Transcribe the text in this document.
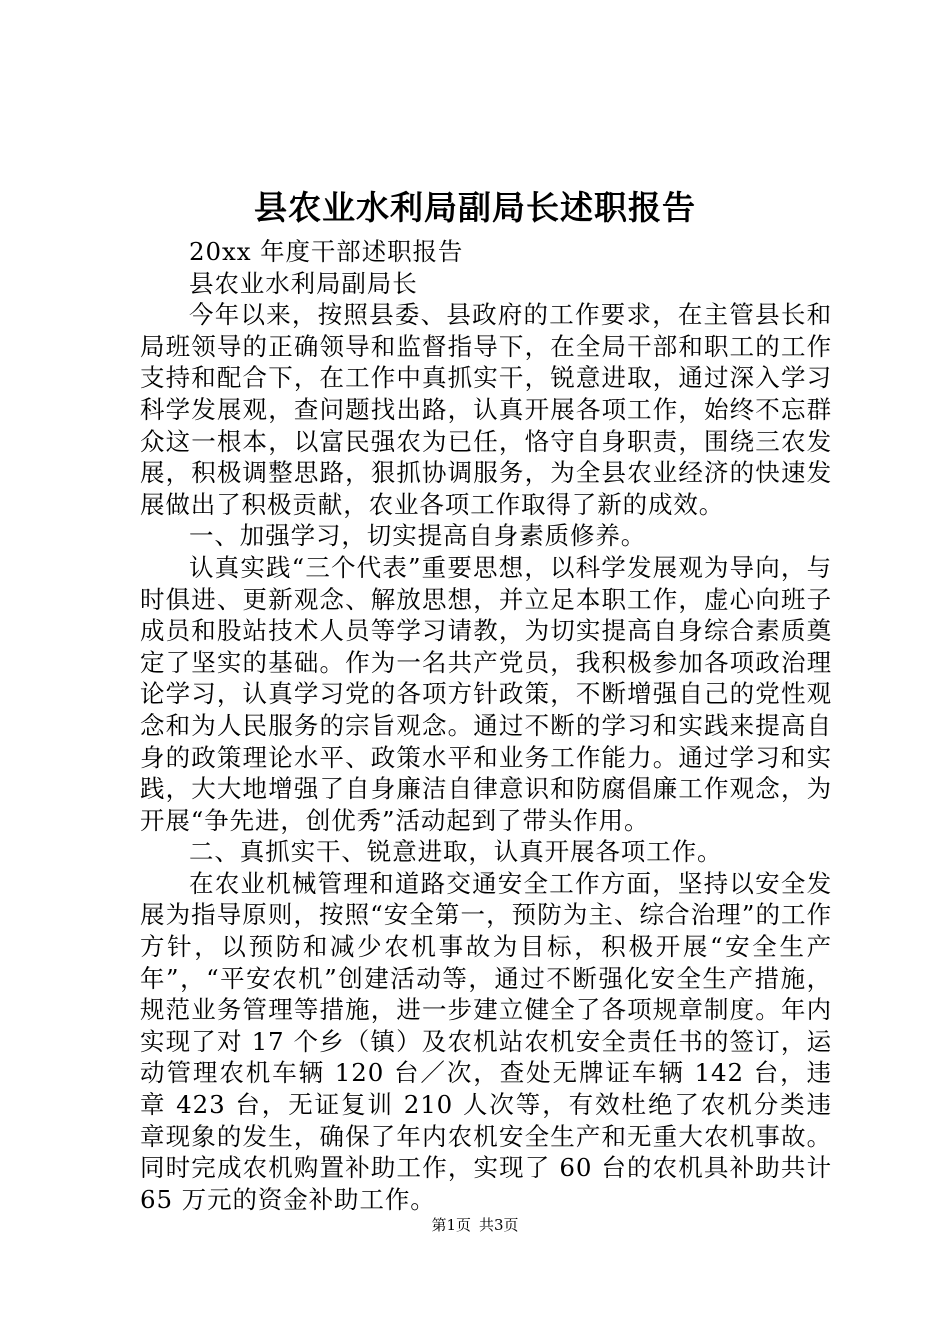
县农业水利局副局长述职报告

20xx 年度干部述职报告

县农业水利局副局长

今年以来，按照县委、县政府的工作要求，在主管县长和局班领导的正确领导和监督指导下，在全局干部和职工的工作支持和配合下，在工作中真抓实干，锐意进取，通过深入学习科学发展观，查问题找出路，认真开展各项工作，始终不忘群众这一根本，以富民强农为已任，恪守自身职责，围绕三农发展，积极调整思路，狠抓协调服务，为全县农业经济的快速发展做出了积极贡献，农业各项工作取得了新的成效。

一、加强学习，切实提高自身素质修养。

认真实践“三个代表”重要思想，以科学发展观为导向，与时俱进、更新观念、解放思想，并立足本职工作，虚心向班子成员和股站技术人员等学习请教，为切实提高自身综合素质奠定了坚实的基础。作为一名共产党员，我积极参加各项政治理论学习，认真学习党的各项方针政策，不断增强自己的党性观念和为人民服务的宗旨观念。通过不断的学习和实践来提高自身的政策理论水平、政策水平和业务工作能力。通过学习和实践，大大地增强了自身廉洁自律意识和防腐倡廉工作观念，为开展“争先进，创优秀”活动起到了带头作用。

二、真抓实干、锐意进取，认真开展各项工作。

在农业机械管理和道路交通安全工作方面，坚持以安全发展为指导原则，按照“安全第一，预防为主、综合治理”的工作方针，以预防和减少农机事故为目标，积极开展“安全生产年”，“平安农机”创建活动等，通过不断强化安全生产措施，规范业务管理等措施，进一步建立健全了各项规章制度。年内实现了对 17 个乡（镇）及农机站农机安全责任书的签订，运动管理农机车辆 120 台／次，查处无牌证车辆 142 台，违章 423 台，无证复训 210 人次等，有效杜绝了农机分类违章现象的发生，确保了年内农机安全生产和无重大农机事故。同时完成农机购置补助工作，实现了 60 台的农机具补助共计 65 万元的资金补助工作。

第1页 共3页
